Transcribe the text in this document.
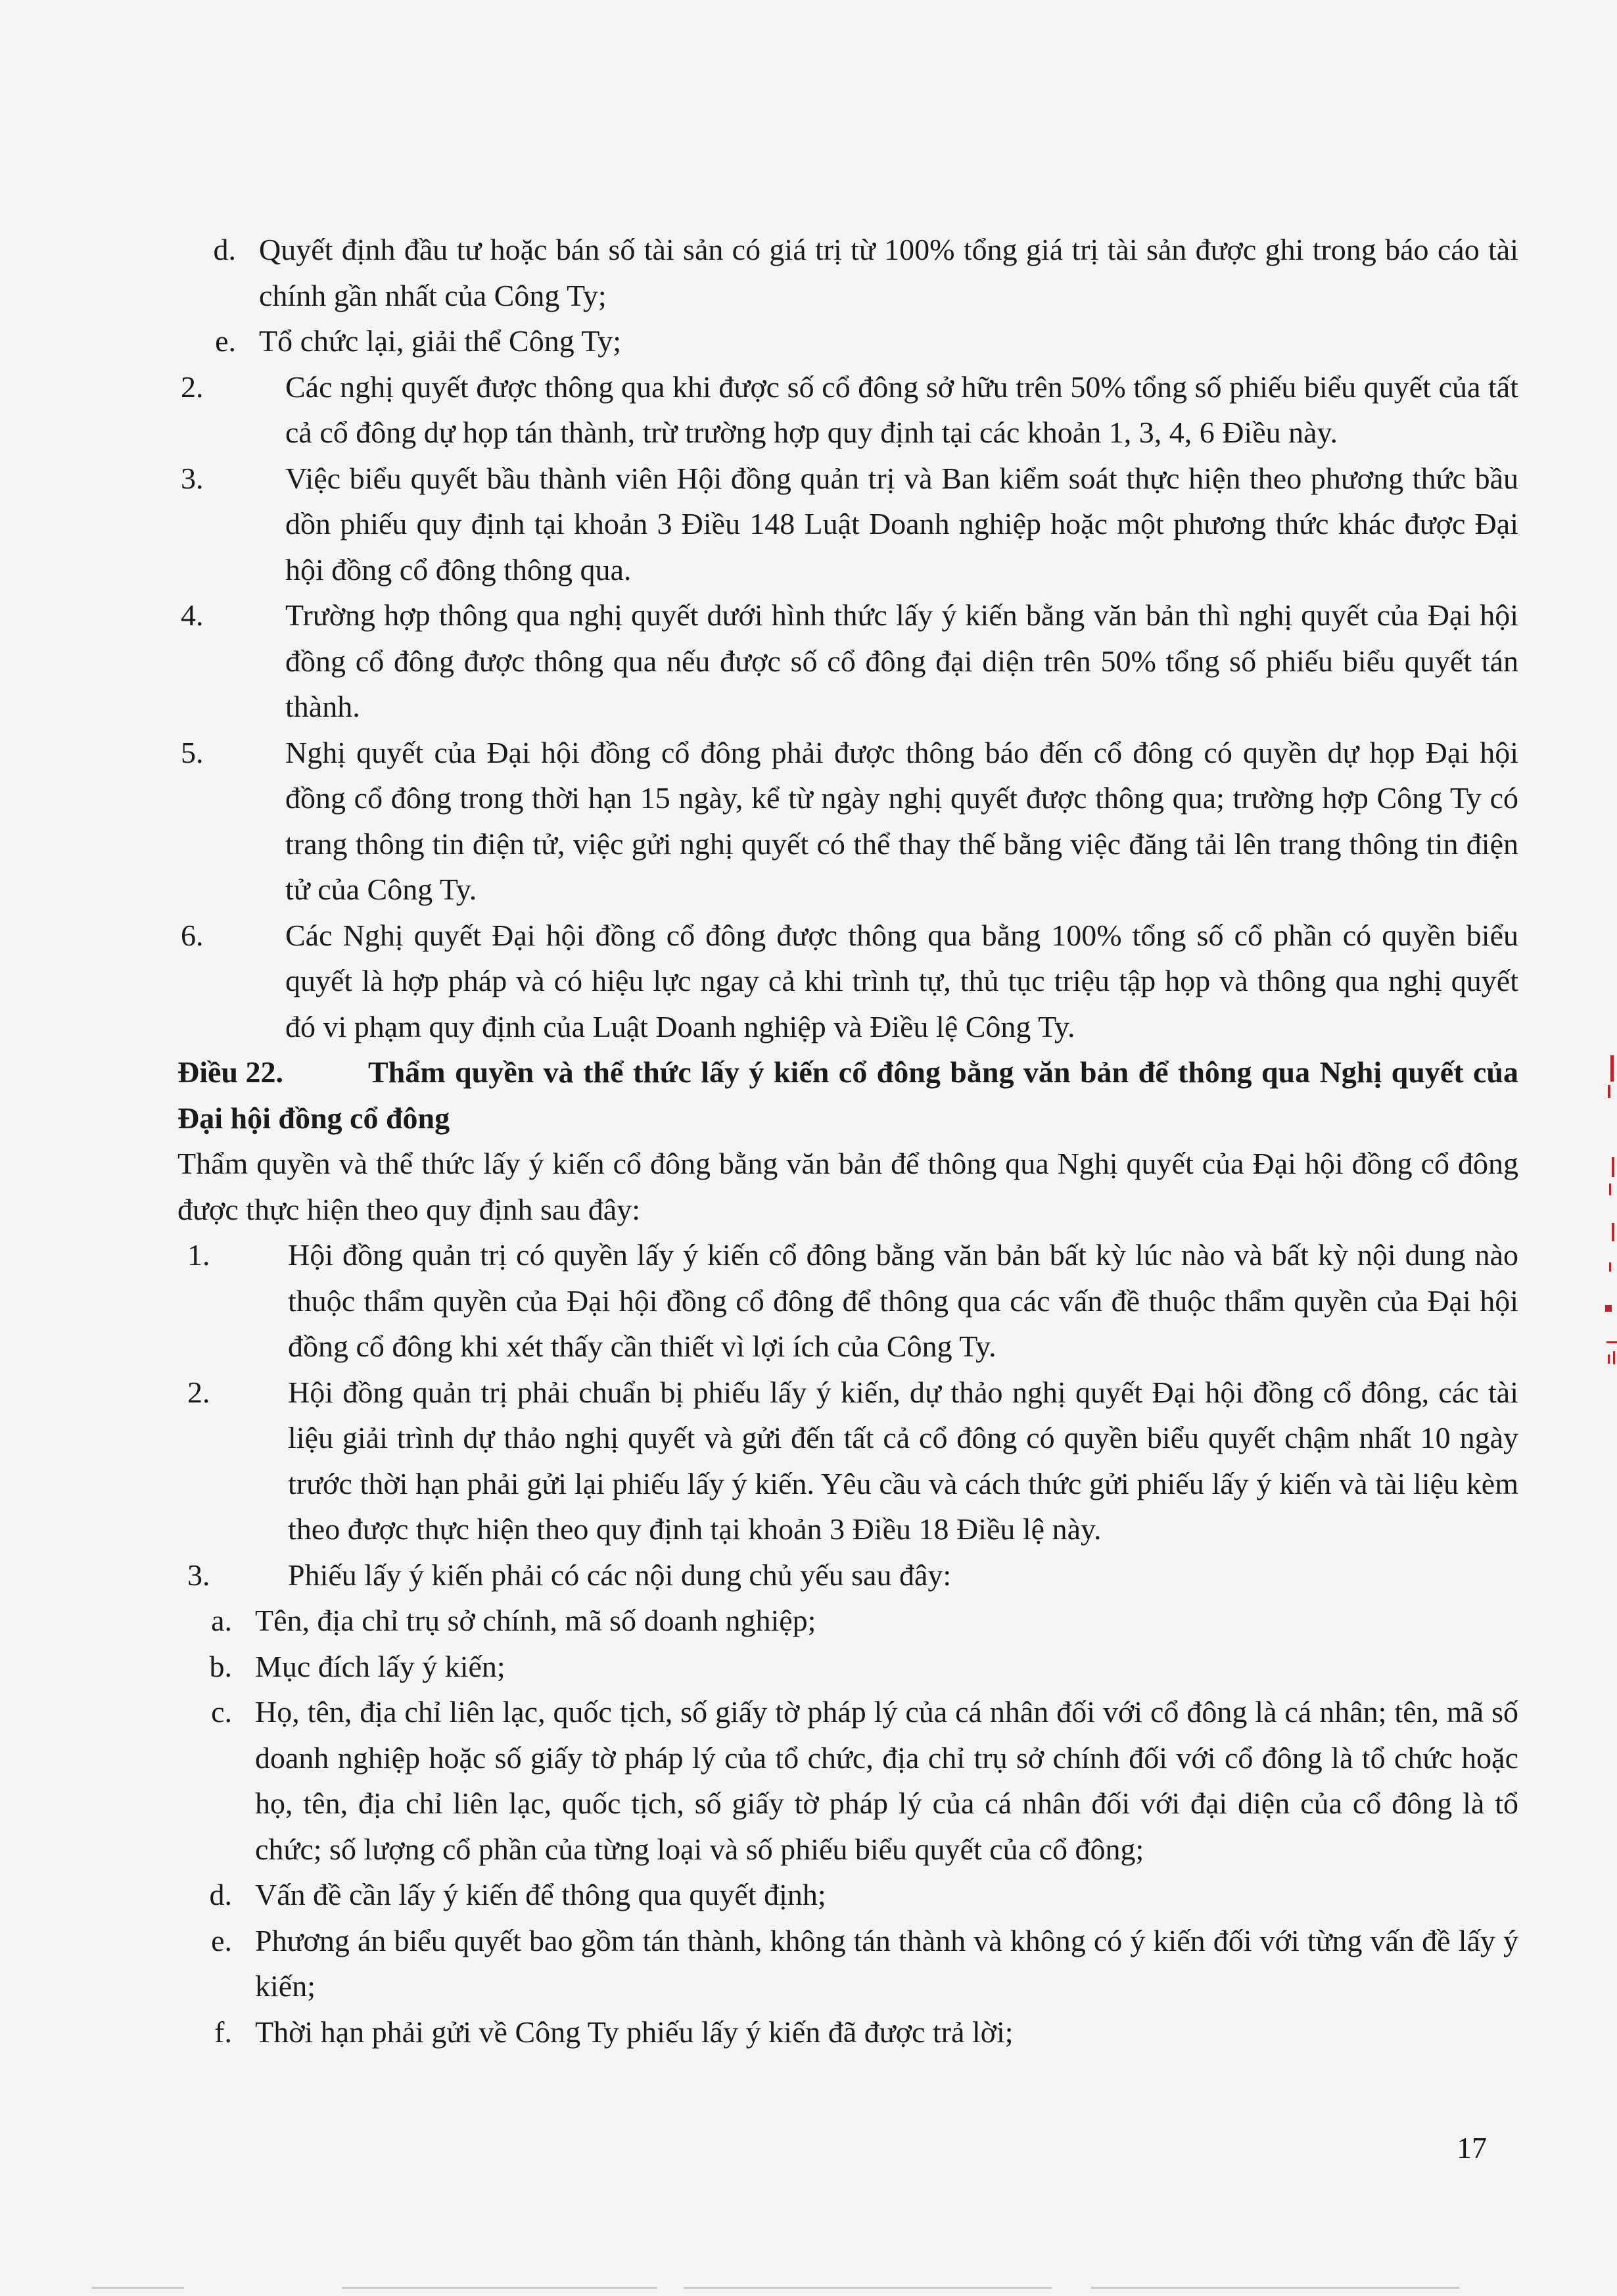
d. Quyết định đầu tư hoặc bán số tài sản có giá trị từ 100% tổng giá trị tài sản được ghi trong báo cáo tài chính gần nhất của Công Ty;
e. Tổ chức lại, giải thể Công Ty;
2.	Các nghị quyết được thông qua khi được số cổ đông sở hữu trên 50% tổng số phiếu biểu quyết của tất cả cổ đông dự họp tán thành, trừ trường hợp quy định tại các khoản 1, 3, 4, 6 Điều này.
3.	Việc biểu quyết bầu thành viên Hội đồng quản trị và Ban kiểm soát thực hiện theo phương thức bầu dồn phiếu quy định tại khoản 3 Điều 148 Luật Doanh nghiệp hoặc một phương thức khác được Đại hội đồng cổ đông thông qua.
4.	Trường hợp thông qua nghị quyết dưới hình thức lấy ý kiến bằng văn bản thì nghị quyết của Đại hội đồng cổ đông được thông qua nếu được số cổ đông đại diện trên 50% tổng số phiếu biểu quyết tán thành.
5.	Nghị quyết của Đại hội đồng cổ đông phải được thông báo đến cổ đông có quyền dự họp Đại hội đồng cổ đông trong thời hạn 15 ngày, kể từ ngày nghị quyết được thông qua; trường hợp Công Ty có trang thông tin điện tử, việc gửi nghị quyết có thể thay thế bằng việc đăng tải lên trang thông tin điện tử của Công Ty.
6.	Các Nghị quyết Đại hội đồng cổ đông được thông qua bằng 100% tổng số cổ phần có quyền biểu quyết là hợp pháp và có hiệu lực ngay cả khi trình tự, thủ tục triệu tập họp và thông qua nghị quyết đó vi phạm quy định của Luật Doanh nghiệp và Điều lệ Công Ty.
Điều 22.	Thẩm quyền và thể thức lấy ý kiến cổ đông bằng văn bản để thông qua Nghị quyết của Đại hội đồng cổ đông
Thẩm quyền và thể thức lấy ý kiến cổ đông bằng văn bản để thông qua Nghị quyết của Đại hội đồng cổ đông được thực hiện theo quy định sau đây:
1.	Hội đồng quản trị có quyền lấy ý kiến cổ đông bằng văn bản bất kỳ lúc nào và bất kỳ nội dung nào thuộc thẩm quyền của Đại hội đồng cổ đông để thông qua các vấn đề thuộc thẩm quyền của Đại hội đồng cổ đông khi xét thấy cần thiết vì lợi ích của Công Ty.
2.	Hội đồng quản trị phải chuẩn bị phiếu lấy ý kiến, dự thảo nghị quyết Đại hội đồng cổ đông, các tài liệu giải trình dự thảo nghị quyết và gửi đến tất cả cổ đông có quyền biểu quyết chậm nhất 10 ngày trước thời hạn phải gửi lại phiếu lấy ý kiến. Yêu cầu và cách thức gửi phiếu lấy ý kiến và tài liệu kèm theo được thực hiện theo quy định tại khoản 3 Điều 18 Điều lệ này.
3.	Phiếu lấy ý kiến phải có các nội dung chủ yếu sau đây:
a. Tên, địa chỉ trụ sở chính, mã số doanh nghiệp;
b. Mục đích lấy ý kiến;
c. Họ, tên, địa chỉ liên lạc, quốc tịch, số giấy tờ pháp lý của cá nhân đối với cổ đông là cá nhân; tên, mã số doanh nghiệp hoặc số giấy tờ pháp lý của tổ chức, địa chỉ trụ sở chính đối với cổ đông là tổ chức hoặc họ, tên, địa chỉ liên lạc, quốc tịch, số giấy tờ pháp lý của cá nhân đối với đại diện của cổ đông là tổ chức; số lượng cổ phần của từng loại và số phiếu biểu quyết của cổ đông;
d. Vấn đề cần lấy ý kiến để thông qua quyết định;
e. Phương án biểu quyết bao gồm tán thành, không tán thành và không có ý kiến đối với từng vấn đề lấy ý kiến;
f. Thời hạn phải gửi về Công Ty phiếu lấy ý kiến đã được trả lời;
17
